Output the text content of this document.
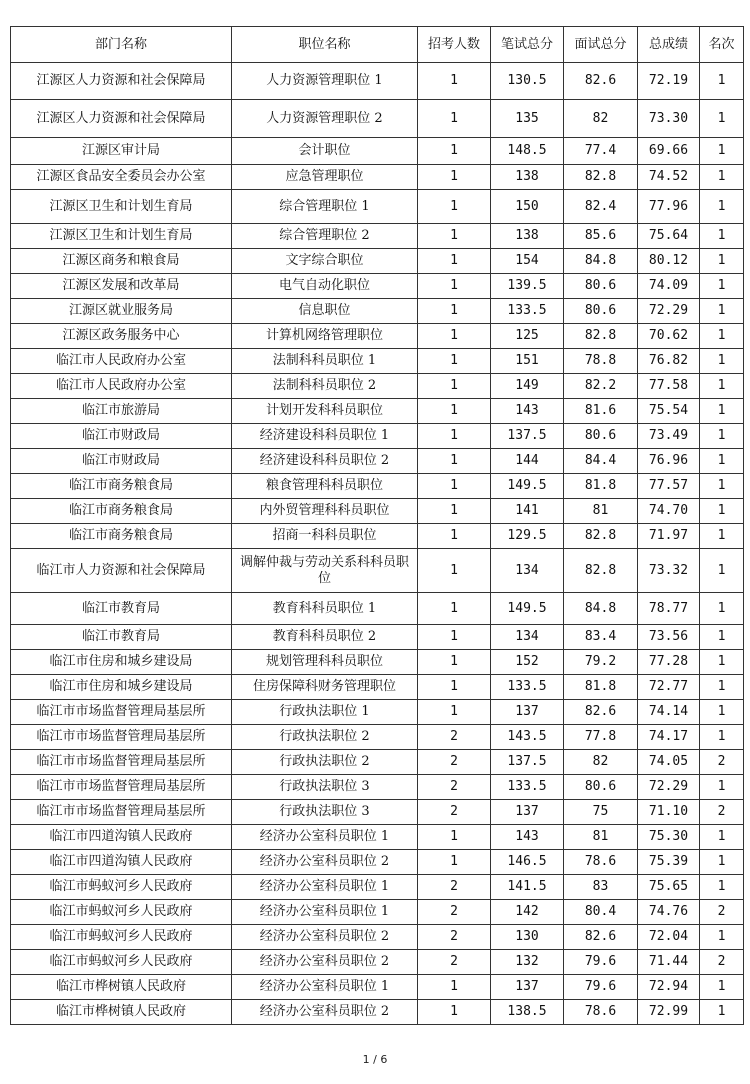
部门名称	职位名称	招考人数	笔试总分	面试总分	总成绩	名次
江源区人力资源和社会保障局	人力资源管理职位 1	1	130.5	82.6	72.19	1
江源区人力资源和社会保障局	人力资源管理职位 2	1	135	82	73.30	1
江源区审计局	会计职位	1	148.5	77.4	69.66	1
江源区食品安全委员会办公室	应急管理职位	1	138	82.8	74.52	1
江源区卫生和计划生育局	综合管理职位 1	1	150	82.4	77.96	1
江源区卫生和计划生育局	综合管理职位 2	1	138	85.6	75.64	1
江源区商务和粮食局	文字综合职位	1	154	84.8	80.12	1
江源区发展和改革局	电气自动化职位	1	139.5	80.6	74.09	1
江源区就业服务局	信息职位	1	133.5	80.6	72.29	1
江源区政务服务中心	计算机网络管理职位	1	125	82.8	70.62	1
临江市人民政府办公室	法制科科员职位 1	1	151	78.8	76.82	1
临江市人民政府办公室	法制科科员职位 2	1	149	82.2	77.58	1
临江市旅游局	计划开发科科员职位	1	143	81.6	75.54	1
临江市财政局	经济建设科科员职位 1	1	137.5	80.6	73.49	1
临江市财政局	经济建设科科员职位 2	1	144	84.4	76.96	1
临江市商务粮食局	粮食管理科科员职位	1	149.5	81.8	77.57	1
临江市商务粮食局	内外贸管理科科员职位	1	141	81	74.70	1
临江市商务粮食局	招商一科科员职位	1	129.5	82.8	71.97	1
临江市人力资源和社会保障局	调解仲裁与劳动关系科科员职位	1	134	82.8	73.32	1
临江市教育局	教育科科员职位 1	1	149.5	84.8	78.77	1
临江市教育局	教育科科员职位 2	1	134	83.4	73.56	1
临江市住房和城乡建设局	规划管理科科员职位	1	152	79.2	77.28	1
临江市住房和城乡建设局	住房保障科财务管理职位	1	133.5	81.8	72.77	1
临江市市场监督管理局基层所	行政执法职位 1	1	137	82.6	74.14	1
临江市市场监督管理局基层所	行政执法职位 2	2	143.5	77.8	74.17	1
临江市市场监督管理局基层所	行政执法职位 2	2	137.5	82	74.05	2
临江市市场监督管理局基层所	行政执法职位 3	2	133.5	80.6	72.29	1
临江市市场监督管理局基层所	行政执法职位 3	2	137	75	71.10	2
临江市四道沟镇人民政府	经济办公室科员职位 1	1	143	81	75.30	1
临江市四道沟镇人民政府	经济办公室科员职位 2	1	146.5	78.6	75.39	1
临江市蚂蚁河乡人民政府	经济办公室科员职位 1	2	141.5	83	75.65	1
临江市蚂蚁河乡人民政府	经济办公室科员职位 1	2	142	80.4	74.76	2
临江市蚂蚁河乡人民政府	经济办公室科员职位 2	2	130	82.6	72.04	1
临江市蚂蚁河乡人民政府	经济办公室科员职位 2	2	132	79.6	71.44	2
临江市桦树镇人民政府	经济办公室科员职位 1	1	137	79.6	72.94	1
临江市桦树镇人民政府	经济办公室科员职位 2	1	138.5	78.6	72.99	1
1 / 6
